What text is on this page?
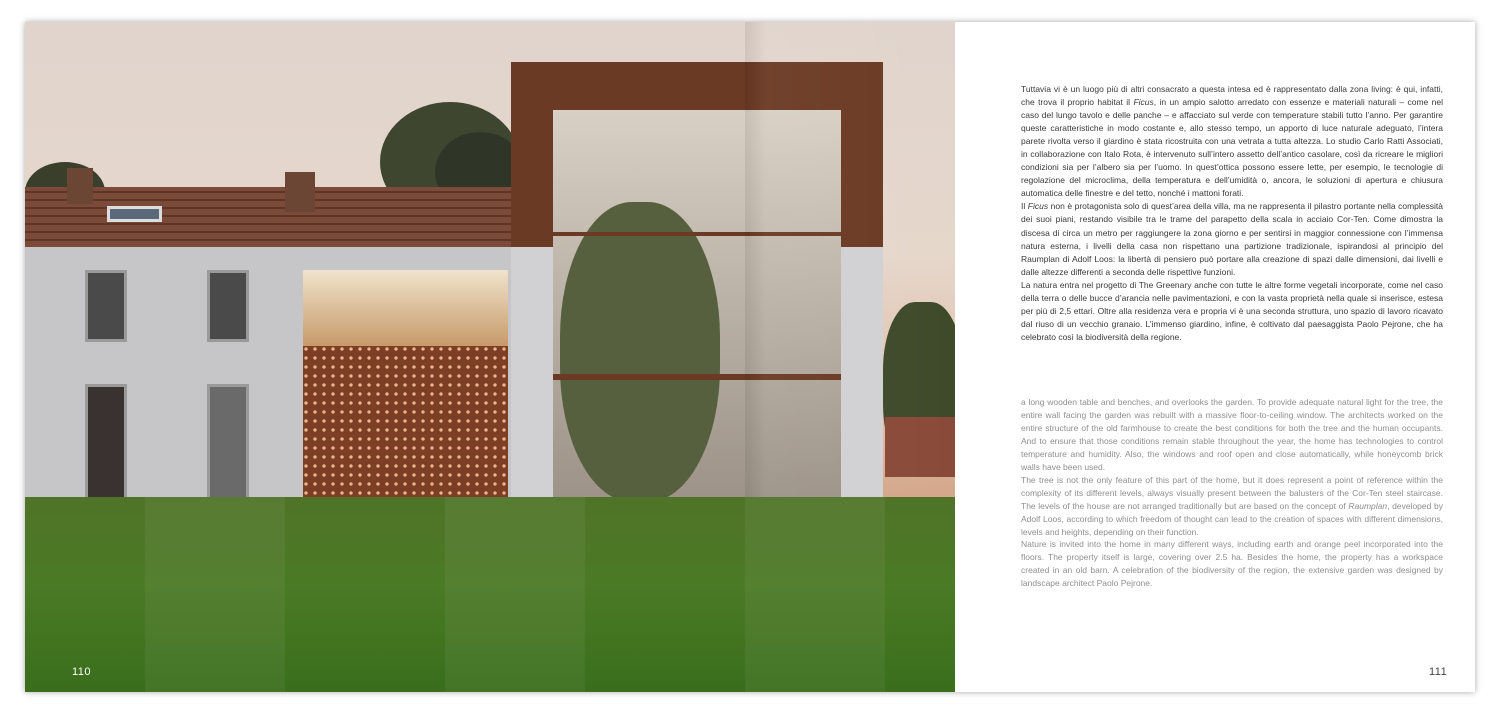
110

Tuttavia vi è un luogo più di altri consacrato a questa intesa ed è rappresentato dalla zona living: è qui, infatti, che trova il proprio habitat il Ficus, in un ampio salotto arredato con essenze e materiali naturali – come nel caso del lungo tavolo e delle panche – e affacciato sul verde con temperature stabili tutto l’anno. Per garantire queste caratteristiche in modo costante e, allo stesso tempo, un apporto di luce naturale adeguato, l’intera parete rivolta verso il giardino è stata ricostruita con una vetrata a tutta altezza. Lo studio Carlo Ratti Associati, in collaborazione con Italo Rota, è intervenuto sull’intero assetto dell’antico casolare, così da ricreare le migliori condizioni sia per l’albero sia per l’uomo. In quest’ottica possono essere lette, per esempio, le tecnologie di regolazione del microclima, della temperatura e dell’umidità o, ancora, le soluzioni di apertura e chiusura automatica delle finestre e del tetto, nonché i mattoni forati.

Il Ficus non è protagonista solo di quest’area della villa, ma ne rappresenta il pilastro portante nella complessità dei suoi piani, restando visibile tra le trame del parapetto della scala in acciaio Cor-Ten. Come dimostra la discesa di circa un metro per raggiungere la zona giorno e per sentirsi in maggior connessione con l’immensa natura esterna, i livelli della casa non rispettano una partizione tradizionale, ispirandosi al principio del Raumplan di Adolf Loos: la libertà di pensiero può portare alla creazione di spazi dalle dimensioni, dai livelli e dalle altezze differenti a seconda delle rispettive funzioni.

La natura entra nel progetto di The Greenary anche con tutte le altre forme vegetali incorporate, come nel caso della terra o delle bucce d’arancia nelle pavimentazioni, e con la vasta proprietà nella quale si inserisce, estesa per più di 2,5 ettari. Oltre alla residenza vera e propria vi è una seconda struttura, uno spazio di lavoro ricavato dal riuso di un vecchio granaio. L’immenso giardino, infine, è coltivato dal paesaggista Paolo Pejrone, che ha celebrato così la biodiversità della regione.

a long wooden table and benches, and overlooks the garden. To provide adequate natural light for the tree, the entire wall facing the garden was rebuilt with a massive floor-to-ceiling window. The architects worked on the entire structure of the old farmhouse to create the best conditions for both the tree and the human occupants. And to ensure that those conditions remain stable throughout the year, the home has technologies to control temperature and humidity. Also, the windows and roof open and close automatically, while honeycomb brick walls have been used.

The tree is not the only feature of this part of the home, but it does represent a point of reference within the complexity of its different levels, always visually present between the balusters of the Cor-Ten steel staircase. The levels of the house are not arranged traditionally but are based on the concept of Raumplan, developed by Adolf Loos, according to which freedom of thought can lead to the creation of spaces with different dimensions, levels and heights, depending on their function.

Nature is invited into the home in many different ways, including earth and orange peel incorporated into the floors. The property itself is large, covering over 2.5 ha. Besides the home, the property has a workspace created in an old barn. A celebration of the biodiversity of the region, the extensive garden was designed by landscape architect Paolo Pejrone.

111
